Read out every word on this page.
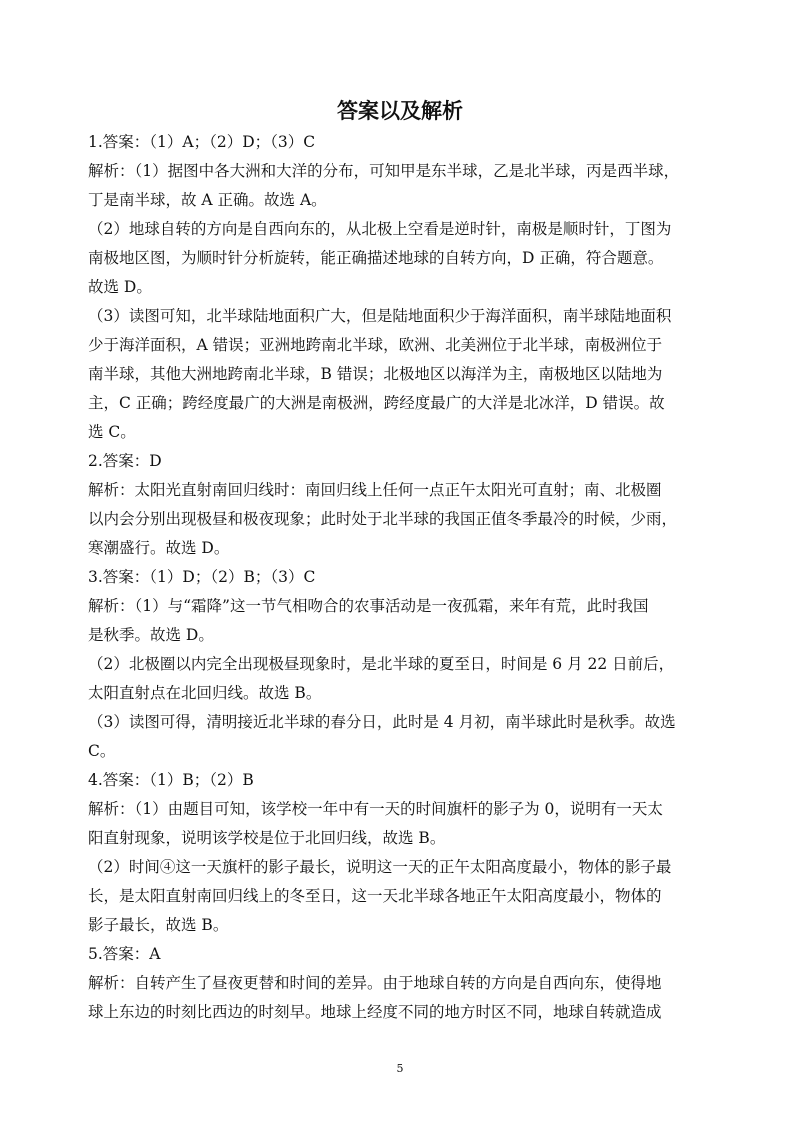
答案以及解析

1.答案：（1）A；（2）D；（3）C

解析：（1）据图中各大洲和大洋的分布，可知甲是东半球，乙是北半球，丙是西半球，

丁是南半球，故 A 正确。故选 A。

（2）地球自转的方向是自西向东的，从北极上空看是逆时针，南极是顺时针，丁图为

南极地区图，为顺时针分析旋转，能正确描述地球的自转方向，D 正确，符合题意。

故选 D。

（3）读图可知，北半球陆地面积广大，但是陆地面积少于海洋面积，南半球陆地面积

少于海洋面积，A 错误；亚洲地跨南北半球，欧洲、北美洲位于北半球，南极洲位于

南半球，其他大洲地跨南北半球，B 错误；北极地区以海洋为主，南极地区以陆地为

主，C 正确；跨经度最广的大洲是南极洲，跨经度最广的大洋是北冰洋，D 错误。故

选 C。

2.答案：D

解析：太阳光直射南回归线时：南回归线上任何一点正午太阳光可直射；南、北极圈

以内会分别出现极昼和极夜现象；此时处于北半球的我国正值冬季最冷的时候，少雨，

寒潮盛行。故选 D。

3.答案：（1）D；（2）B；（3）C

解析：（1）与“霜降”这一节气相吻合的农事活动是一夜孤霜，来年有荒，此时我国

是秋季。故选 D。

（2）北极圈以内完全出现极昼现象时，是北半球的夏至日，时间是 6 月 22 日前后，

太阳直射点在北回归线。故选 B。

（3）读图可得，清明接近北半球的春分日，此时是 4 月初，南半球此时是秋季。故选

C。

4.答案：（1）B；（2）B

解析：（1）由题目可知，该学校一年中有一天的时间旗杆的影子为 0，说明有一天太

阳直射现象，说明该学校是位于北回归线，故选 B。

（2）时间④这一天旗杆的影子最长，说明这一天的正午太阳高度最小，物体的影子最

长，是太阳直射南回归线上的冬至日，这一天北半球各地正午太阳高度最小，物体的

影子最长，故选 B。

5.答案：A

解析：自转产生了昼夜更替和时间的差异。由于地球自转的方向是自西向东，使得地

球上东边的时刻比西边的时刻早。地球上经度不同的地方时区不同，地球自转就造成

5
